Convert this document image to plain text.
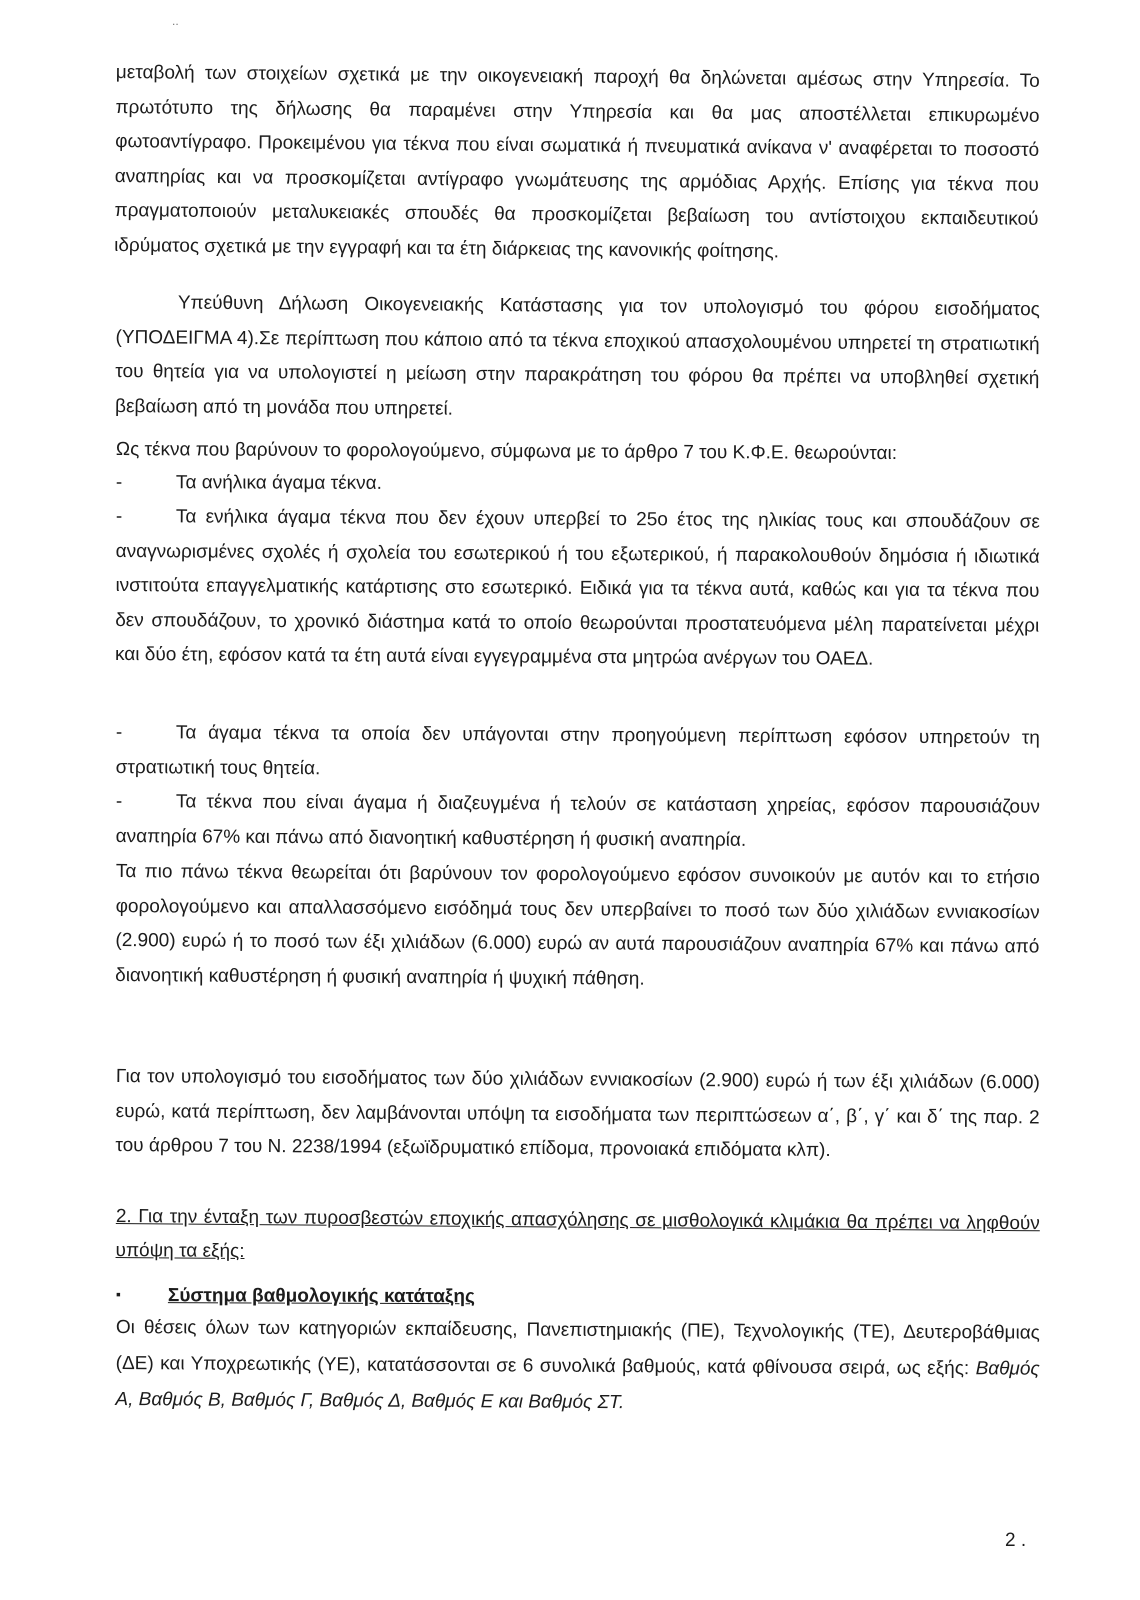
..

μεταβολή των στοιχείων σχετικά με την οικογενειακή παροχή θα δηλώνεται αμέσως στην Υπηρεσία. Το πρωτότυπο της δήλωσης θα παραμένει στην Υπηρεσία και θα μας αποστέλλεται επικυρωμένο φωτοαντίγραφο. Προκειμένου για τέκνα που είναι σωματικά ή πνευματικά ανίκανα ν' αναφέρεται το ποσοστό αναπηρίας και να προσκομίζεται αντίγραφο γνωμάτευσης της αρμόδιας Αρχής. Επίσης για τέκνα που πραγματοποιούν μεταλυκειακές σπουδές θα προσκομίζεται βεβαίωση του αντίστοιχου εκπαιδευτικού ιδρύματος σχετικά με την εγγραφή και τα έτη διάρκειας της κανονικής φοίτησης.

Υπεύθυνη Δήλωση Οικογενειακής Κατάστασης για τον υπολογισμό του φόρου εισοδήματος (ΥΠΟΔΕΙΓΜΑ 4).Σε περίπτωση που κάποιο από τα τέκνα εποχικού απασχολουμένου υπηρετεί τη στρατιωτική του θητεία για να υπολογιστεί η μείωση στην παρακράτηση του φόρου θα πρέπει να υποβληθεί σχετική βεβαίωση από τη μονάδα που υπηρετεί.

Ως τέκνα που βαρύνουν το φορολογούμενο, σύμφωνα με το άρθρο 7 του Κ.Φ.Ε. θεωρούνται:

-	Τα ανήλικα άγαμα τέκνα.

-	Τα ενήλικα άγαμα τέκνα που δεν έχουν υπερβεί το 25ο έτος της ηλικίας τους και σπουδάζουν σε αναγνωρισμένες σχολές ή σχολεία του εσωτερικού ή του εξωτερικού, ή παρακολουθούν δημόσια ή ιδιωτικά ινστιτούτα επαγγελματικής κατάρτισης στο εσωτερικό. Ειδικά για τα τέκνα αυτά, καθώς και για τα τέκνα που δεν σπουδάζουν, το χρονικό διάστημα κατά το οποίο θεωρούνται προστατευόμενα μέλη παρατείνεται μέχρι και δύο έτη, εφόσον κατά τα έτη αυτά είναι εγγεγραμμένα στα μητρώα ανέργων του ΟΑΕΔ.

-	Τα άγαμα τέκνα τα οποία δεν υπάγονται στην προηγούμενη περίπτωση εφόσον υπηρετούν τη στρατιωτική τους θητεία.

-	Τα τέκνα που είναι άγαμα ή διαζευγμένα ή τελούν σε κατάσταση χηρείας, εφόσον παρουσιάζουν αναπηρία 67% και πάνω από διανοητική καθυστέρηση ή φυσική αναπηρία.

Τα πιο πάνω τέκνα θεωρείται ότι βαρύνουν τον φορολογούμενο εφόσον συνοικούν με αυτόν και το ετήσιο φορολογούμενο και απαλλασσόμενο εισόδημά τους δεν υπερβαίνει το ποσό των δύο χιλιάδων εννιακοσίων (2.900) ευρώ ή το ποσό των έξι χιλιάδων (6.000) ευρώ αν αυτά παρουσιάζουν αναπηρία 67% και πάνω από διανοητική καθυστέρηση ή φυσική αναπηρία ή ψυχική πάθηση.

Για τον υπολογισμό του εισοδήματος των δύο χιλιάδων εννιακοσίων (2.900) ευρώ ή των έξι χιλιάδων (6.000) ευρώ, κατά περίπτωση, δεν λαμβάνονται υπόψη τα εισοδήματα των περιπτώσεων α΄, β΄, γ΄ και δ΄ της παρ. 2 του άρθρου 7 του Ν. 2238/1994 (εξωϊδρυματικό επίδομα, προνοιακά επιδόματα κλπ).

2. Για την ένταξη των πυροσβεστών εποχικής απασχόλησης σε μισθολογικά κλιμάκια θα πρέπει να ληφθούν υπόψη τα εξής:

▪ Σύστημα βαθμολογικής κατάταξης

Οι θέσεις όλων των κατηγοριών εκπαίδευσης, Πανεπιστημιακής (ΠΕ), Τεχνολογικής (ΤΕ), Δευτεροβάθμιας (ΔΕ) και Υποχρεωτικής (ΥΕ), κατατάσσονται σε 6 συνολικά βαθμούς, κατά φθίνουσα σειρά, ως εξής: Βαθμός Α, Βαθμός Β, Βαθμός Γ, Βαθμός Δ, Βαθμός Ε και Βαθμός ΣΤ.

2 .
